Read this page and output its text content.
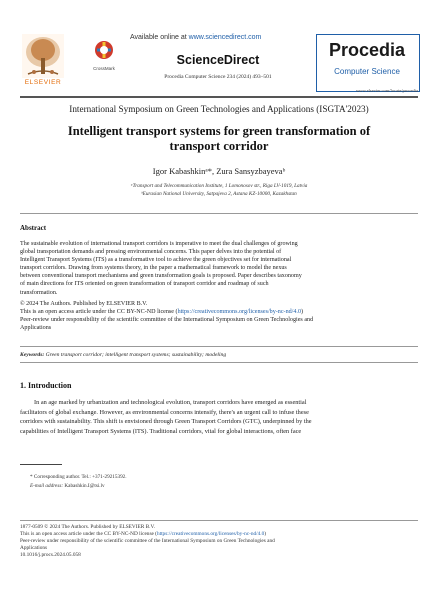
ELSEVIER
CrossMark
Available online at www.sciencedirect.com
ScienceDirect
Procedia Computer Science 234 (2024) 493–501
Procedia
Computer Science
www.elsevier.com/locate/procedia
International Symposium on Green Technologies and Applications (ISGTA'2023)
Intelligent transport systems for green transformation of
transport corridor
Igor Kabashkinᵃ*, Zura Sansyzbayevaᵇ
ᵃTransport and Telecommunication Institute, 1 Lomonosov str., Riga LV-1019, Latvia
ᵇEurasian National University, Satpajeva 2, Astana KZ-10000, Kazakhstan
Abstract
The sustainable evolution of international transport corridors is imperative to meet the dual challenges of growing
global transportation demands and pressing environmental concerns. This paper delves into the potential of
Intelligent Transport Systems (ITS) as a transformative tool to achieve the green objectives set for international
transport corridors. Drawing from systems theory, in the paper a mathematical framework to model the nexus
between conventional transport mechanisms and green transformation goals is proposed. Paper describes taxonomy
of main directions for ITS oriented on green transformation of transport corridor and roadmap of such
transformation.
© 2024 The Authors. Published by ELSEVIER B.V.
This is an open access article under the CC BY-NC-ND license (https://creativecommons.org/licenses/by-nc-nd/4.0)
Peer-review under responsibility of the scientific committee of the International Symposium on Green Technologies and
Applications
Keywords: Green transport corridor; intelligent transport systems; sustainability; modeling
1. Introduction
In an age marked by urbanization and technological evolution, transport corridors have emerged as essential
facilitators of global exchange. However, as environmental concerns intensify, there's an urgent call to infuse these
corridors with sustainability. This shift is envisioned through Green Transport Corridors (GTC), underpinned by the
capabilities of Intelligent Transport Systems (ITS). Traditional corridors, vital for global interactions, often face
* Corresponding author. Tel.: +371-29215392.
E-mail address: Kabashkin.I@tsi.lv
1877-0509 © 2024 The Authors. Published by ELSEVIER B.V.
This is an open access article under the CC BY-NC-ND license (https://creativecommons.org/licenses/by-nc-nd/4.0)
Peer-review under responsibility of the scientific committee of the International Symposium on Green Technologies and
Applications
10.1016/j.procs.2024.05.058
